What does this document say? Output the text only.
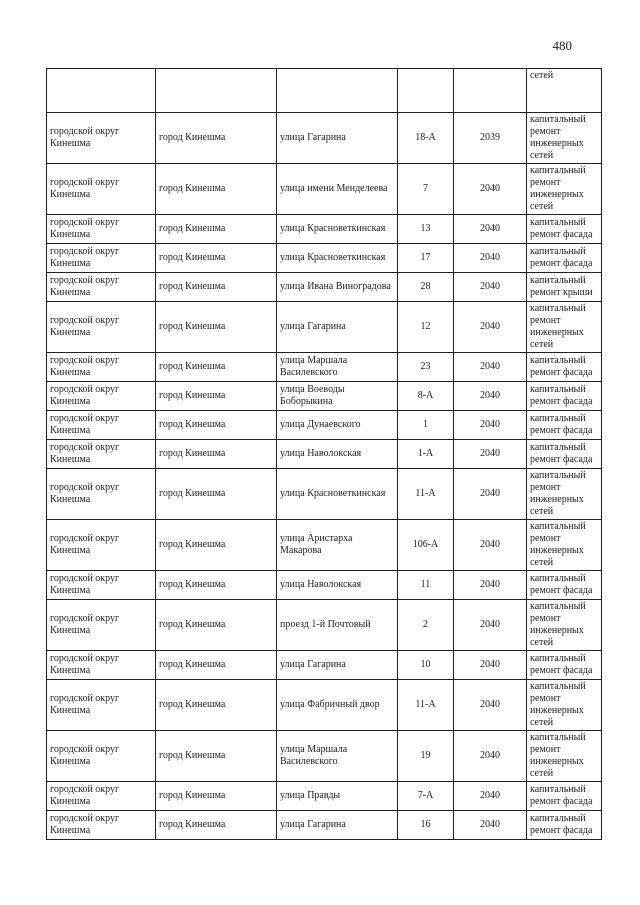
480
					сетей
городской округ Кинешма	город Кинешма	улица Гагарина	18-А	2039	капитальный ремонт инженерных сетей
городской округ Кинешма	город Кинешма	улица имени Менделеева	7	2040	капитальный ремонт инженерных сетей
городской округ Кинешма	город Кинешма	улица Красноветкинская	13	2040	капитальный ремонт фасада
городской округ Кинешма	город Кинешма	улица Красноветкинская	17	2040	капитальный ремонт фасада
городской округ Кинешма	город Кинешма	улица Ивана Виноградова	28	2040	капитальный ремонт крыши
городской округ Кинешма	город Кинешма	улица Гагарина	12	2040	капитальный ремонт инженерных сетей
городской округ Кинешма	город Кинешма	улица Маршала Василевского	23	2040	капитальный ремонт фасада
городской округ Кинешма	город Кинешма	улица Воеводы Боборыкина	8-А	2040	капитальный ремонт фасада
городской округ Кинешма	город Кинешма	улица Дунаевского	1	2040	капитальный ремонт фасада
городской округ Кинешма	город Кинешма	улица Наволокская	1-А	2040	капитальный ремонт фасада
городской округ Кинешма	город Кинешма	улица Красноветкинская	11-А	2040	капитальный ремонт инженерных сетей
городской округ Кинешма	город Кинешма	улица Аристарха Макарова	106-А	2040	капитальный ремонт инженерных сетей
городской округ Кинешма	город Кинешма	улица Наволокская	11	2040	капитальный ремонт фасада
городской округ Кинешма	город Кинешма	проезд 1-й Почтовый	2	2040	капитальный ремонт инженерных сетей
городской округ Кинешма	город Кинешма	улица Гагарина	10	2040	капитальный ремонт фасада
городской округ Кинешма	город Кинешма	улица Фабричный двор	11-А	2040	капитальный ремонт инженерных сетей
городской округ Кинешма	город Кинешма	улица Маршала Василевского	19	2040	капитальный ремонт инженерных сетей
городской округ Кинешма	город Кинешма	улица Правды	7-А	2040	капитальный ремонт фасада
городской округ Кинешма	город Кинешма	улица Гагарина	16	2040	капитальный ремонт фасада
